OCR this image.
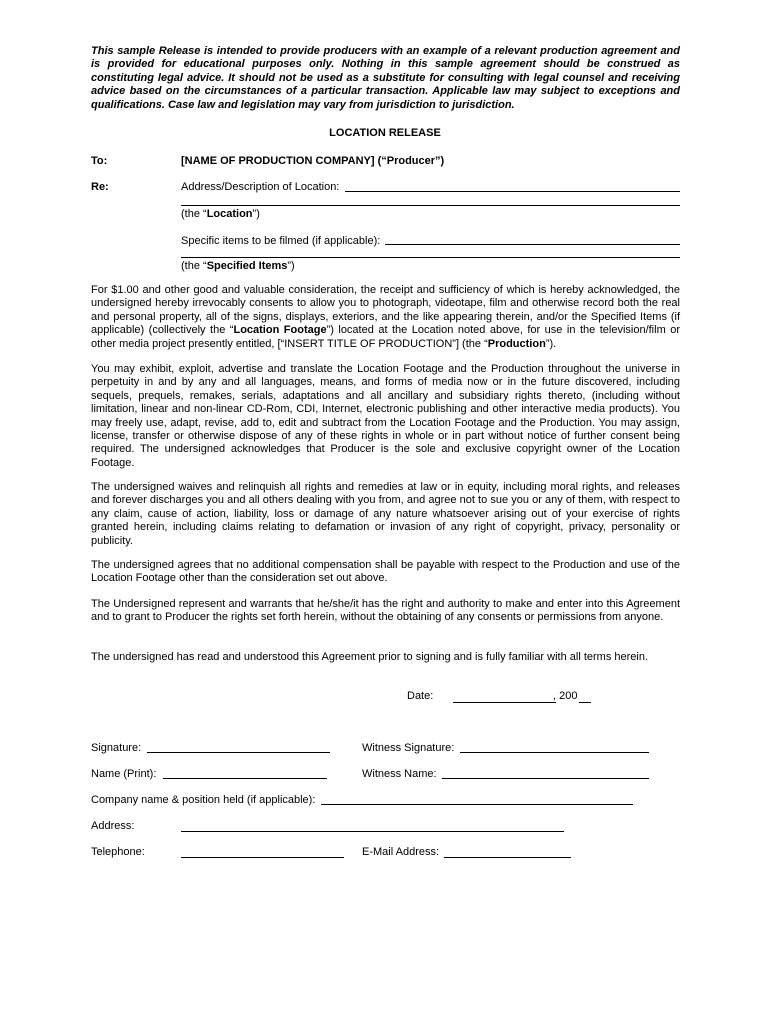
This sample Release is intended to provide producers with an example of a relevant production agreement and is provided for educational purposes only. Nothing in this sample agreement should be construed as constituting legal advice. It should not be used as a substitute for consulting with legal counsel and receiving advice based on the circumstances of a particular transaction. Applicable law may subject to exceptions and qualifications. Case law and legislation may vary from jurisdiction to jurisdiction.

LOCATION RELEASE

To:	[NAME OF PRODUCTION COMPANY] (“Producer”)
Re:	Address/Description of Location:
(the “Location”)
Specific items to be filmed (if applicable):
(the “Specified Items”)

For $1.00 and other good and valuable consideration, the receipt and sufficiency of which is hereby acknowledged, the undersigned hereby irrevocably consents to allow you to photograph, videotape, film and otherwise record both the real and personal property, all of the signs, displays, exteriors, and the like appearing therein, and/or the Specified Items (if applicable) (collectively the “Location Footage”) located at the Location noted above, for use in the television/film or other media project presently entitled, [“INSERT TITLE OF PRODUCTION”] (the “Production”).

You may exhibit, exploit, advertise and translate the Location Footage and the Production throughout the universe in perpetuity in and by any and all languages, means, and forms of media now or in the future discovered, including sequels, prequels, remakes, serials, adaptations and all ancillary and subsidiary rights thereto, (including without limitation, linear and non-linear CD-Rom, CDI, Internet, electronic publishing and other interactive media products). You may freely use, adapt, revise, add to, edit and subtract from the Location Footage and the Production. You may assign, license, transfer or otherwise dispose of any of these rights in whole or in part without notice of further consent being required. The undersigned acknowledges that Producer is the sole and exclusive copyright owner of the Location Footage.

The undersigned waives and relinquish all rights and remedies at law or in equity, including moral rights, and releases and forever discharges you and all others dealing with you from, and agree not to sue you or any of them, with respect to any claim, cause of action, liability, loss or damage of any nature whatsoever arising out of your exercise of rights granted herein, including claims relating to defamation or invasion of any right of copyright, privacy, personality or publicity.

The undersigned agrees that no additional compensation shall be payable with respect to the Production and use of the Location Footage other than the consideration set out above.

The Undersigned represent and warrants that he/she/it has the right and authority to make and enter into this Agreement and to grant to Producer the rights set forth herein, without the obtaining of any consents or permissions from anyone.

The undersigned has read and understood this Agreement prior to signing and is fully familiar with all terms herein.

Date:	, 200
Signature:	Witness Signature:
Name (Print):	Witness Name:
Company name & position held (if applicable):
Address:
Telephone:	E-Mail Address:
